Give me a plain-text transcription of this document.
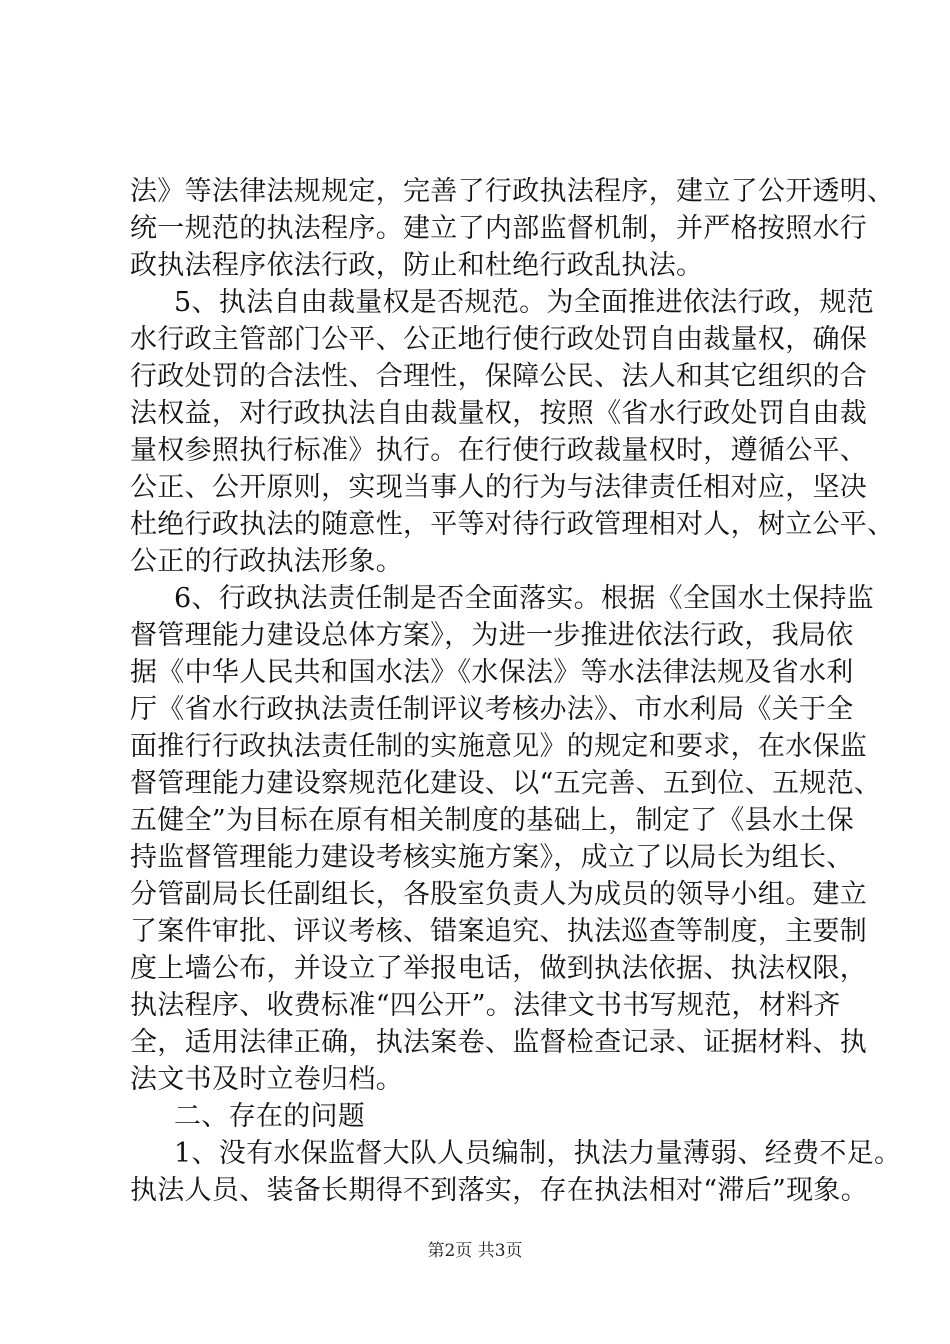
法》等法律法规规定，完善了行政执法程序，建立了公开透明、
统一规范的执法程序。建立了内部监督机制，并严格按照水行
政执法程序依法行政，防止和杜绝行政乱执法。
5、执法自由裁量权是否规范。为全面推进依法行政，规范
水行政主管部门公平、公正地行使行政处罚自由裁量权，确保
行政处罚的合法性、合理性，保障公民、法人和其它组织的合
法权益，对行政执法自由裁量权，按照《省水行政处罚自由裁
量权参照执行标准》执行。在行使行政裁量权时，遵循公平、
公正、公开原则，实现当事人的行为与法律责任相对应，坚决
杜绝行政执法的随意性，平等对待行政管理相对人，树立公平、
公正的行政执法形象。
6、行政执法责任制是否全面落实。根据《全国水土保持监
督管理能力建设总体方案》，为进一步推进依法行政，我局依
据《中华人民共和国水法》《水保法》等水法律法规及省水利
厅《省水行政执法责任制评议考核办法》、市水利局《关于全
面推行行政执法责任制的实施意见》的规定和要求，在水保监
督管理能力建设察规范化建设、以“五完善、五到位、五规范、
五健全”为目标在原有相关制度的基础上，制定了《县水土保
持监督管理能力建设考核实施方案》，成立了以局长为组长、
分管副局长任副组长，各股室负责人为成员的领导小组。建立
了案件审批、评议考核、错案追究、执法巡查等制度，主要制
度上墙公布，并设立了举报电话，做到执法依据、执法权限，
执法程序、收费标准“四公开”。法律文书书写规范，材料齐
全，适用法律正确，执法案卷、监督检查记录、证据材料、执
法文书及时立卷归档。
二、存在的问题
1、没有水保监督大队人员编制，执法力量薄弱、经费不足。
执法人员、装备长期得不到落实，存在执法相对“滞后”现象。
第2页 共3页
